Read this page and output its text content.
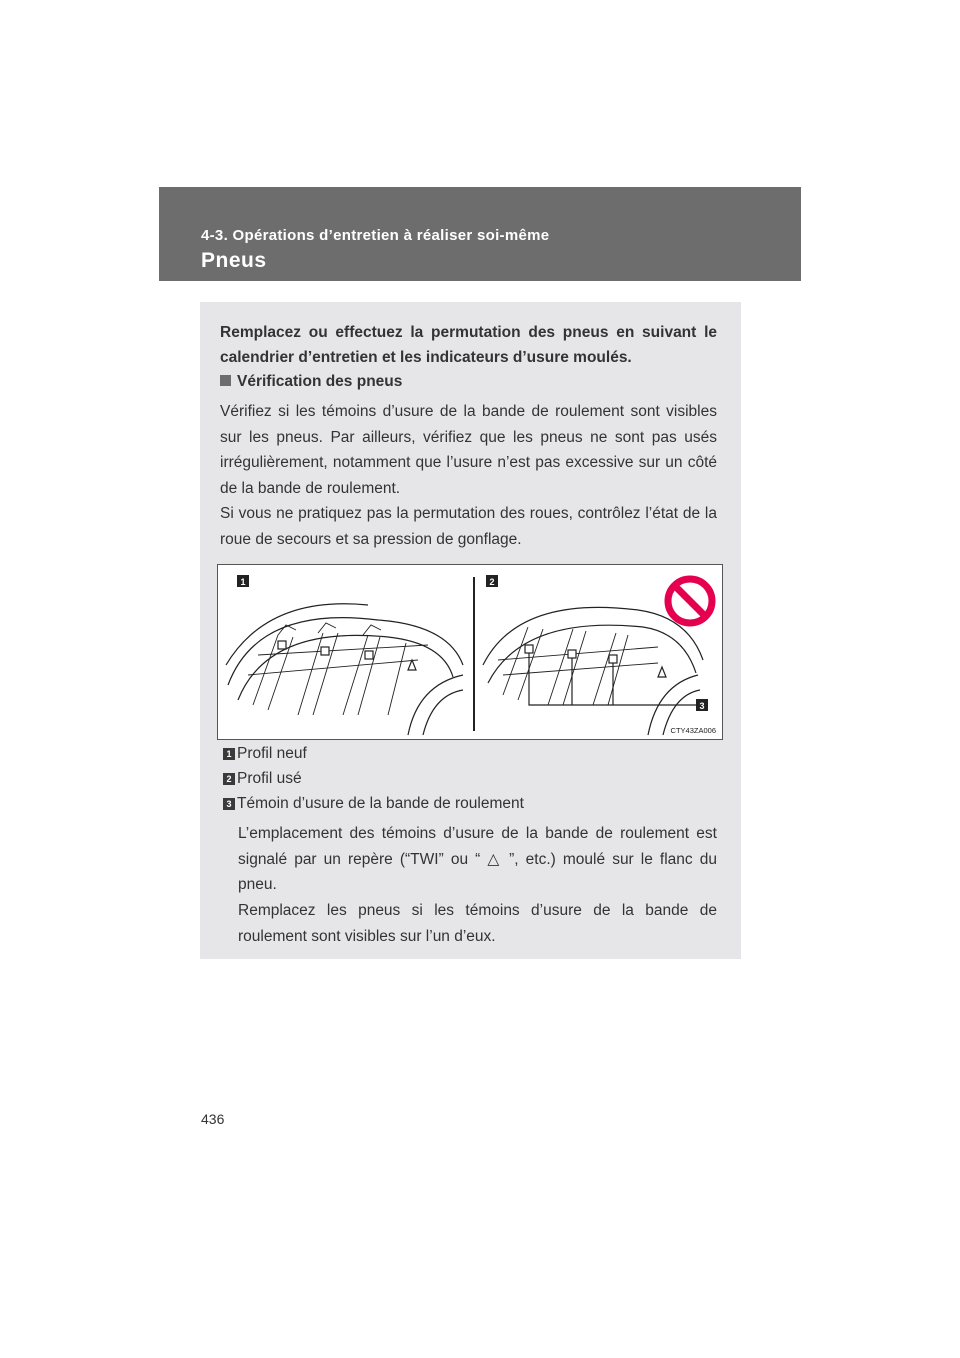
4-3. Opérations d’entretien à réaliser soi-même
Pneus
Remplacez ou effectuez la permutation des pneus en suivant le calendrier d’entretien et les indicateurs d’usure moulés.
Vérification des pneus
Vérifiez si les témoins d’usure de la bande de roulement sont visibles sur les pneus. Par ailleurs, vérifiez que les pneus ne sont pas usés irrégulièrement, notamment que l’usure n’est pas excessive sur un côté de la bande de roulement.
Si vous ne pratiquez pas la permutation des roues, contrôlez l’état de la roue de secours et sa pression de gonflage.
1	2
3
CTY43ZA006
1 Profil neuf
2 Profil usé
3 Témoin d’usure de la bande de roulement
L’emplacement des témoins d’usure de la bande de roulement est signalé par un repère (“TWI” ou “ △ ”, etc.) moulé sur le flanc du pneu.
Remplacez les pneus si les témoins d’usure de la bande de roulement sont visibles sur l’un d’eux.
436
